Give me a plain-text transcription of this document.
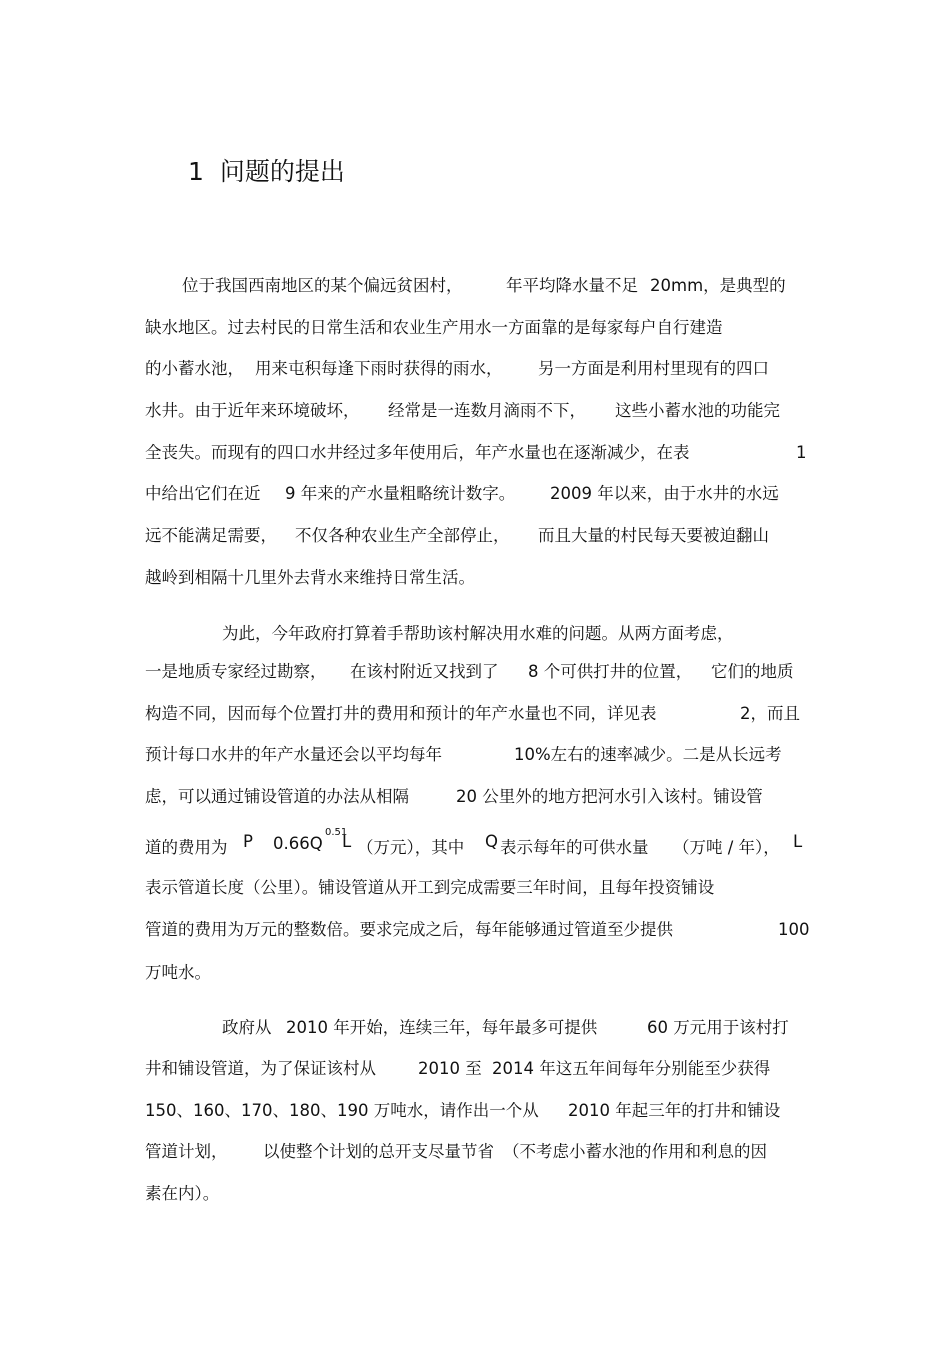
1 问题的提出
位于我国西南地区的某个偏远贫困村，	年平均降水量不足 20mm，是典型的
缺水地区。过去村民的日常生活和农业生产用水一方面靠的是每家每户自行建造
的小蓄水池， 用来屯积每逢下雨时获得的雨水， 另一方面是利用村里现有的四口
水井。由于近年来环境破坏， 经常是一连数月滴雨不下， 这些小蓄水池的功能完
全丧失。而现有的四口水井经过多年使用后，年产水量也在逐渐减少，在表	1
中给出它们在近 9 年来的产水量粗略统计数字。 2009 年以来，由于水井的水远
远不能满足需要， 不仅各种农业生产全部停止， 而且大量的村民每天要被迫翻山
越岭到相隔十几里外去背水来维持日常生活。
为此，今年政府打算着手帮助该村解决用水难的问题。从两方面考虑，
一是地质专家经过勘察， 在该村附近又找到了 8 个可供打井的位置， 它们的地质
构造不同，因而每个位置打井的费用和预计的年产水量也不同，详见表	2，而且
预计每口水井的年产水量还会以平均每年	10%左右的速率减少。二是从长远考
虑，可以通过铺设管道的办法从相隔	20 公里外的地方把河水引入该村。铺设管
道的费用为 P 0.66Q
0.51
L （万元），其中 Q 表示每年的可供水量 （万吨 / 年）， L
表示管道长度（公里）。铺设管道从开工到完成需要三年时间，且每年投资铺设
管道的费用为万元的整数倍。要求完成之后，每年能够通过管道至少提供	100
万吨水。
政府从 2010 年开始，连续三年，每年最多可提供	60 万元用于该村打
井和铺设管道，为了保证该村从	2010 至 2014 年这五年间每年分别能至少获得
150、160、170、180、190 万吨水，请作出一个从 2010 年起三年的打井和铺设
管道计划， 以使整个计划的总开支尽量节省 （不考虑小蓄水池的作用和利息的因
素在内）。
